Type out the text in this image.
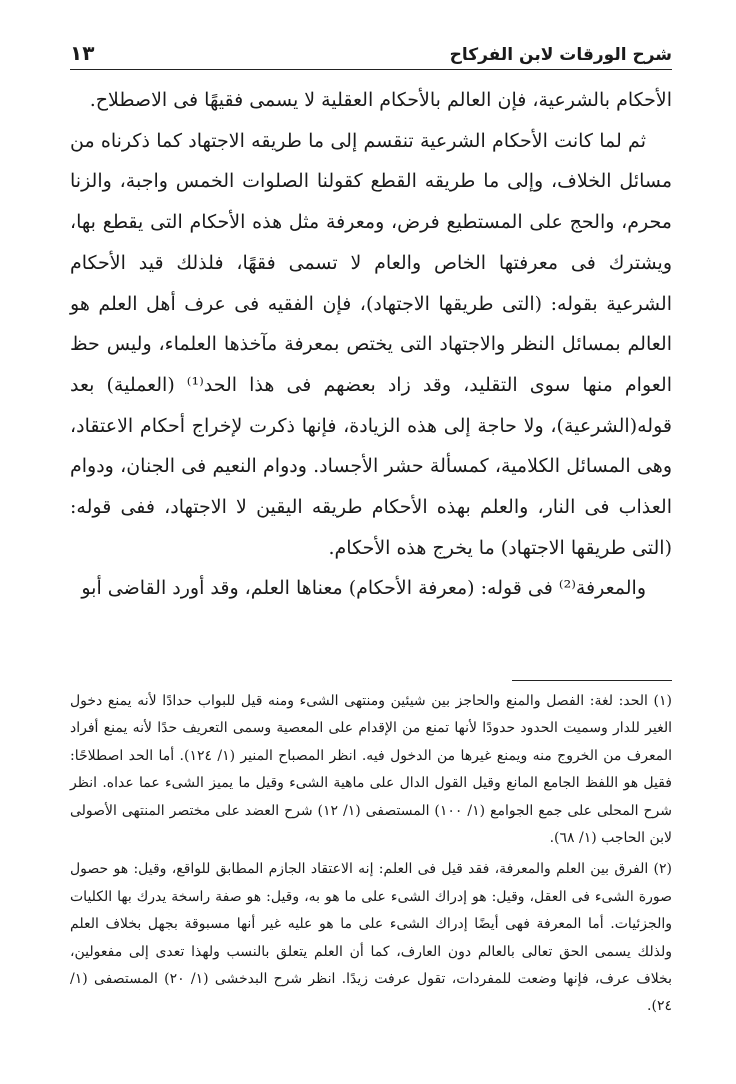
شرح الورقات لابن الفركاح
١٣

الأحكام بالشرعية، فإن العالم بالأحكام العقلية لا يسمى فقيهًا فى الاصطلاح.

ثم لما كانت الأحكام الشرعية تنقسم إلى ما طريقه الاجتهاد كما ذكرناه من مسائل الخلاف، وإلى ما طريقه القطع كقولنا الصلوات الخمس واجبة، والزنا محرم، والحج على المستطيع فرض، ومعرفة مثل هذه الأحكام التى يقطع بها، ويشترك فى معرفتها الخاص والعام لا تسمى فقهًا، فلذلك قيد الأحكام الشرعية بقوله: (التى طريقها الاجتهاد)، فإن الفقيه فى عرف أهل العلم هو العالم بمسائل النظر والاجتهاد التى يختص بمعرفة مآخذها العلماء، وليس حظ العوام منها سوى التقليد، وقد زاد بعضهم فى هذا الحد⁽¹⁾ (العملية) بعد قوله(الشرعية)، ولا حاجة إلى هذه الزيادة، فإنها ذكرت لإخراج أحكام الاعتقاد، وهى المسائل الكلامية، كمسألة حشر الأجساد. ودوام النعيم فى الجنان، ودوام العذاب فى النار، والعلم بهذه الأحكام طريقه اليقين لا الاجتهاد، ففى قوله: (التى طريقها الاجتهاد) ما يخرج هذه الأحكام.

والمعرفة⁽²⁾ فى قوله: (معرفة الأحكام) معناها العلم، وقد أورد القاضى أبو

(١) الحد: لغة: الفصل والمنع والحاجز بين شيئين ومنتهى الشىء ومنه قيل للبواب حدادًا لأنه يمنع دخول الغير للدار وسميت الحدود حدودًا لأنها تمنع من الإقدام على المعصية وسمى التعريف حدًا لأنه يمنع أفراد المعرف من الخروج منه ويمنع غيرها من الدخول فيه. انظر المصباح المنير (١/ ١٢٤). أما الحد اصطلاحًا: فقيل هو اللفظ الجامع المانع وقيل القول الدال على ماهية الشىء وقيل ما يميز الشىء عما عداه. انظر شرح المحلى على جمع الجوامع (١/ ١٠٠) المستصفى (١/ ١٢) شرح العضد على مختصر المنتهى الأصولى لابن الحاجب (١/ ٦٨).

(٢) الفرق بين العلم والمعرفة، فقد قيل فى العلم: إنه الاعتقاد الجازم المطابق للواقع، وقيل: هو حصول صورة الشىء فى العقل، وقيل: هو إدراك الشىء على ما هو به، وقيل: هو صفة راسخة يدرك بها الكليات والجزئيات. أما المعرفة فهى أيضًا إدراك الشىء على ما هو عليه غير أنها مسبوقة بجهل بخلاف العلم ولذلك يسمى الحق تعالى بالعالم دون العارف، كما أن العلم يتعلق بالنسب ولهذا تعدى إلى مفعولين، بخلاف عرف، فإنها وضعت للمفردات، تقول عرفت زيدًا. انظر شرح البدخشى (١/ ٢٠) المستصفى (١/ ٢٤).
